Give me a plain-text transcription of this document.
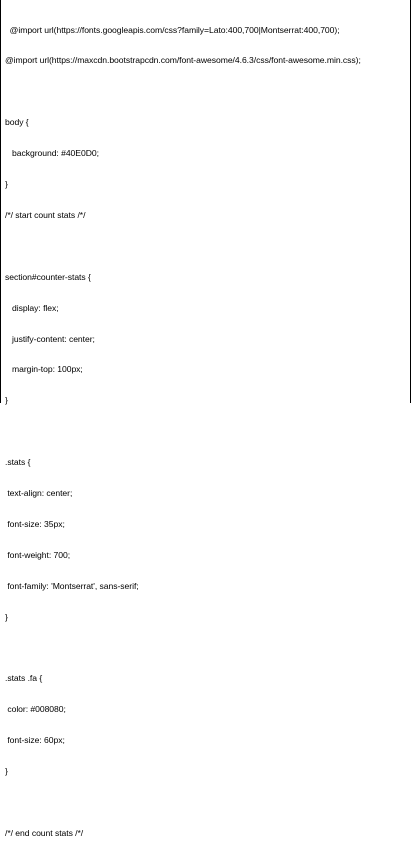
@import url(https://fonts.googleapis.com/css?family=Lato:400,700|Montserrat:400,700);

@import url(https://maxcdn.bootstrapcdn.com/font-awesome/4.6.3/css/font-awesome.min.css);

body {

background: #40E0D0;

}

/*/ start count stats /*/

section#counter-stats {

display: flex;

justify-content: center;

margin-top: 100px;

}

.stats {

text-align: center;

font-size: 35px;

font-weight: 700;

font-family: 'Montserrat', sans-serif;

}

.stats .fa {

color: #008080;

font-size: 60px;

}

/*/ end count stats /*/
